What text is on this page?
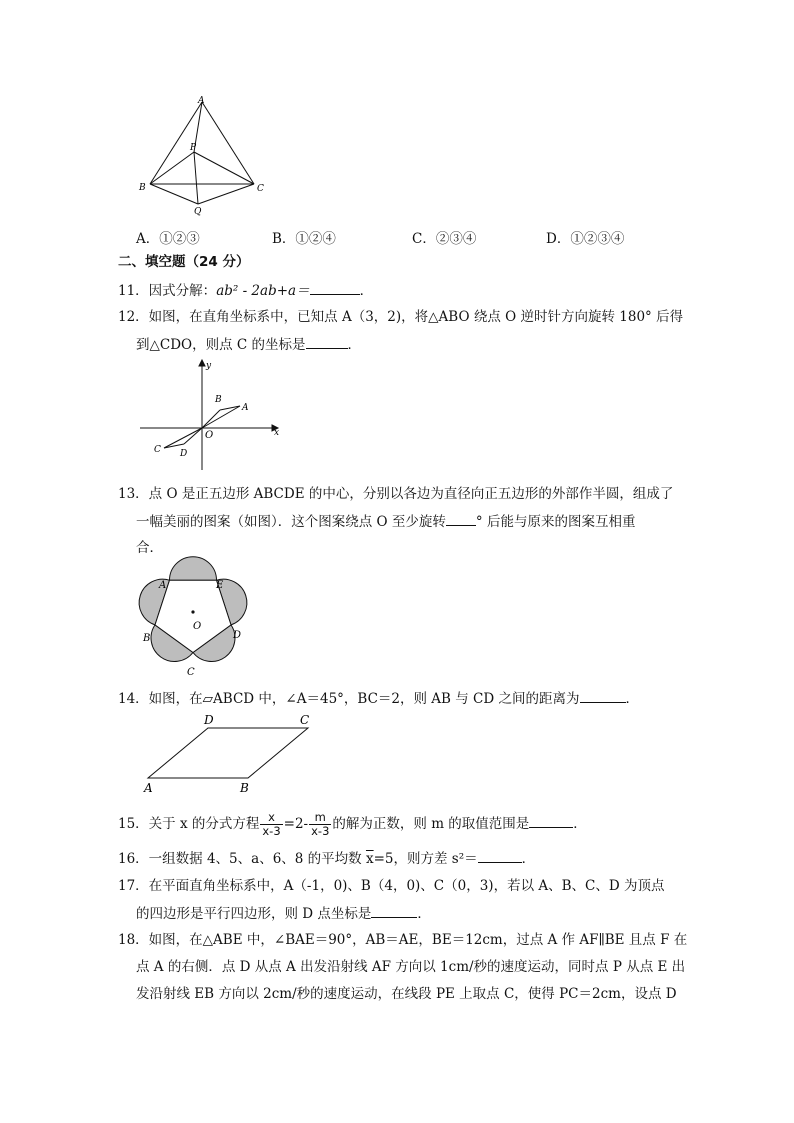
A
P
B	C
Q
A．①②③	B．①②④	C．②③④	D．①②③④
二、填空题（24 分）
11．因式分解：ab² - 2ab+a＝	．
12．如图，在直角坐标系中，已知点 A（3，2)，将△ABO 绕点 O 逆时针方向旋转 180° 后得
到△CDO，则点 C 的坐标是	．
y
x
O
A
B
C D
13．点 O 是正五边形 ABCDE 的中心，分别以各边为直径向正五边形的外部作半圆，组成了
一幅美丽的图案（如图）．这个图案绕点 O 至少旋转 ° 后能与原来的图案互相重
合．
A	E
B	D
C
O
14．如图，在▱ABCD 中，∠A＝45°，BC＝2，则 AB 与 CD 之间的距离为	．
D	C
A	B
15．关于 x 的分式方程 $\frac{x}{x-3} =2- \frac{m}{x-3}$ 的解为正数，则 m 的取值范围是	．
16．一组数据 4、5、a、6、8 的平均数 $\overline{x}=5$，则方差 s²＝	．
17．在平面直角坐标系中，A（-1，0)、B（4，0)、C（0，3)，若以 A、B、C、D 为顶点
的四边形是平行四边形，则 D 点坐标是	．
18．如图，在△ABE 中，∠BAE＝90°，AB＝AE，BE＝12cm，过点 A 作 AF∥BE 且点 F 在
点 A 的右侧．点 D 从点 A 出发沿射线 AF 方向以 1cm/秒的速度运动，同时点 P 从点 E 出
发沿射线 EB 方向以 2cm/秒的速度运动，在线段 PE 上取点 C，使得 PC＝2cm，设点 D
